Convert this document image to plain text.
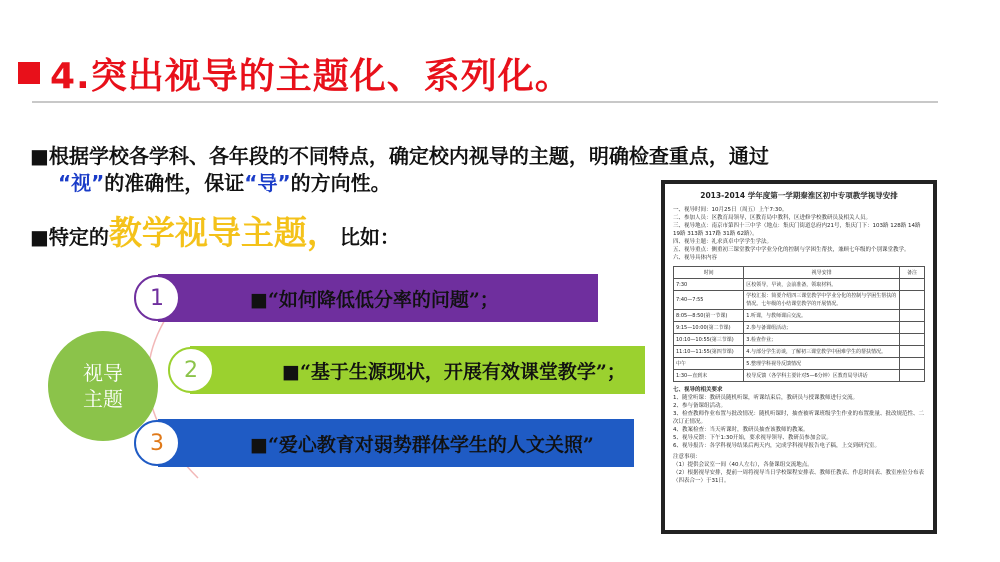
4.突出视导的主题化、系列化。
■根据学校各学科、各年段的不同特点，确定校内视导的主题，明确检查重点，通过
“视”的准确性，保证“导”的方向性。
■特定的教学视导主题，比如：
视导
主题
■“如何降低低分率的问题”；
1
■“基于生源现状，开展有效课堂教学”；
2
■“爱心教育对弱势群体学生的人文关照”
3
2013-2014 学年度第一学期秦淮区初中专项教学视导安排
一、视导时间：10月25日（周五）上午7:30。
二、参加人员：区教育局领导，区教育局中教科，区进修学校教研员及相关人员。
三、视导地点：南京市第四十三中学（地点：集庆门街道总府内21号，集庆门下：103路 128路 14路 19路 313路 317路 31路 62路）。
四、视导主题：礼求真卓中学学生学法。
五、视导重点：侧重初三课堂教学中学业分化的控制与学困生帮扶，兼顾七年级的个别课堂教学。
六、视导具体内容
时间	视导安排	备注
7:30	区校领导，早读，会前准备，领取材料。	
7:40—7:55	学校汇报：简要介绍四三课堂教学中学业分化的控制与学困生帮扶的情况。七年级的小结课堂教学的开展情况。	
8:05—8:50(第一节课)	1.听课，与教师课后交流。	
9:15—10:00(第二节课)	2.参与备课组活动；	
10:10—10:55(第三节课)	3.检查作业；	
11:10—11:55(第四节课)	4.与部分学生访谈，了解初三课堂教学中困难学生的帮扶情况。	
中午	5.整理学科视导反馈情况	
1:30—直到末	校导反馈（各学科主要针对5—6分钟）区教育局导讲话	
七、视导的相关要求
1、随堂听课：教研员随机听课，听课结束后，教研员与授课教师进行交流。
2、参与备课组活动。
3、检查教师作业布置与批改情况：随机听课时，抽查被听课班级学生作业的布置批量、批改规范性、二次订正情况。
4、教案检查：当天听课时，教研员抽查该教师的教案。
5、视导反馈：下午1:30开始，要求视导领导、教研员参加会议。
6、视导报告：各学科视导结果后两天内，完成学科视导报告电子稿，上交到研究室。
注意事项：
（1）提供会议室一间（40人左右），各备课组交流地点。
（2）根据视导安排，提前一周将视导当日学校课程安排表、教师任教表、作息时间表、教室座位分布表（四表合一）于31日。
